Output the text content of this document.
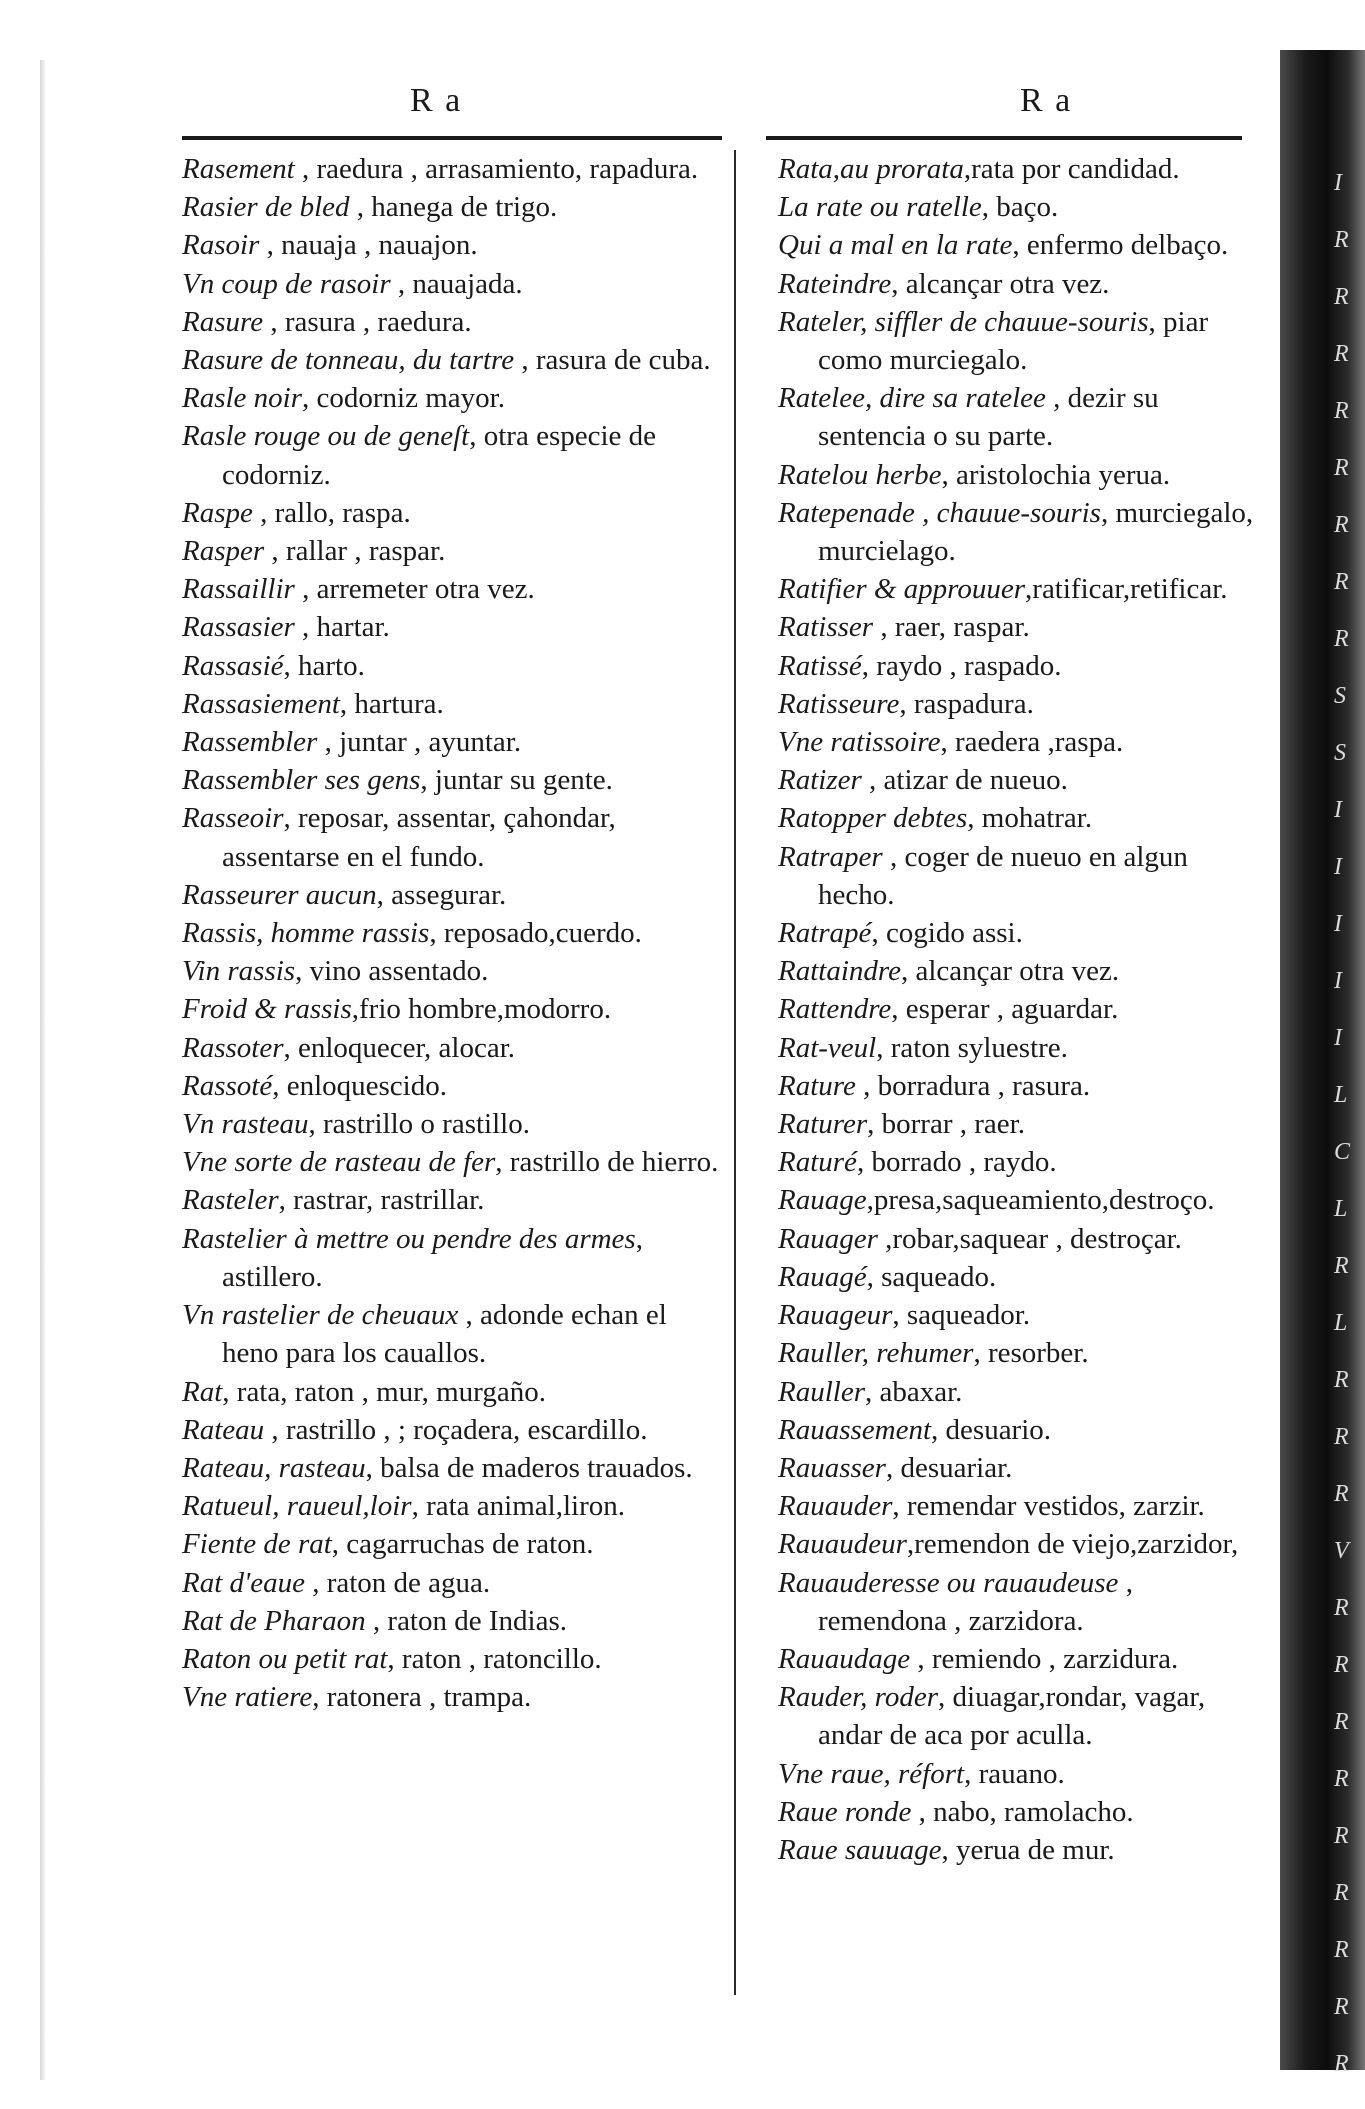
R a	R a
Rasement , raedura , arrasamiento, rapadura.
Rasier de bled , hanega de trigo.
Rasoir , nauaja , nauajon.
Vn coup de rasoir , nauajada.
Rasure , rasura , raedura.
Rasure de tonneau, du tartre , rasura de cuba.
Rasle noir, codorniz mayor.
Rasle rouge ou de geneſt, otra especie de codorniz.
Raspe , rallo, raspa.
Rasper , rallar , raspar.
Rassaillir , arremeter otra vez.
Rassasier , hartar.
Rassasié, harto.
Rassasiement, hartura.
Rassembler , juntar , ayuntar.
Rassembler ses gens, juntar su gente.
Rasseoir, reposar, assentar, çahondar, assentarse en el fundo.
Rasseurer aucun, assegurar.
Rassis, homme rassis, reposado,cuerdo.
Vin rassis, vino assentado.
Froid & rassis,frio hombre,modorro.
Rassoter, enloquecer, alocar.
Rassoté, enloquescido.
Vn rasteau, rastrillo o rastillo.
Vne sorte de rasteau de fer, rastrillo de hierro.
Rasteler, rastrar, rastrillar.
Rastelier à mettre ou pendre des armes, astillero.
Vn rastelier de cheuaux , adonde echan el heno para los cauallos.
Rat, rata, raton , mur, murgaño.
Rateau , rastrillo , ; roçadera, escardillo.
Rateau, rasteau, balsa de maderos trauados.
Ratueul, raueul,loir, rata animal,liron.
Fiente de rat, cagarruchas de raton.
Rat d'eaue , raton de agua.
Rat de Pharaon , raton de Indias.
Raton ou petit rat, raton , ratoncillo.
Vne ratiere, ratonera , trampa.
Rata,au prorata,rata por candidad.
La rate ou ratelle, baço.
Qui a mal en la rate, enfermo delbaço.
Rateindre, alcançar otra vez.
Rateler, siffler de chauue-souris, piar como murciegalo.
Ratelee, dire sa ratelee , dezir su sentencia o su parte.
Ratelou herbe, aristolochia yerua.
Ratepenade , chauue-souris, murciegalo, murcielago.
Ratifier & approuuer,ratificar,retificar.
Ratisser , raer, raspar.
Ratissé, raydo , raspado.
Ratisseure, raspadura.
Vne ratissoire, raedera ,raspa.
Ratizer , atizar de nueuo.
Ratopper debtes, mohatrar.
Ratraper , coger de nueuo en algun hecho.
Ratrapé, cogido assi.
Rattaindre, alcançar otra vez.
Rattendre, esperar , aguardar.
Rat-veul, raton syluestre.
Rature , borradura , rasura.
Raturer, borrar , raer.
Raturé, borrado , raydo.
Rauage,presa,saqueamiento,destroço.
Rauager ,robar,saquear , destroçar.
Rauagé, saqueado.
Rauageur, saqueador.
Rauller, rehumer, resorber.
Rauller, abaxar.
Rauassement, desuario.
Rauasser, desuariar.
Rauauder, remendar vestidos, zarzir.
Rauaudeur,remendon de viejo,zarzidor,
Rauauderesse ou rauaudeuse , remendona , zarzidora.
Rauaudage , remiendo , zarzidura.
Rauder, roder, diuagar,rondar, vagar, andar de aca por aculla.
Vne raue, réfort, rauano.
Raue ronde , nabo, ramolacho.
Raue sauuage, yerua de mur.
I
R
R
R
R
R
R
R
R
S
S
I
I
I
I
I
L
C
L
R
L
R
R
R
V
R
R
R
R
R
R
R
R
R
